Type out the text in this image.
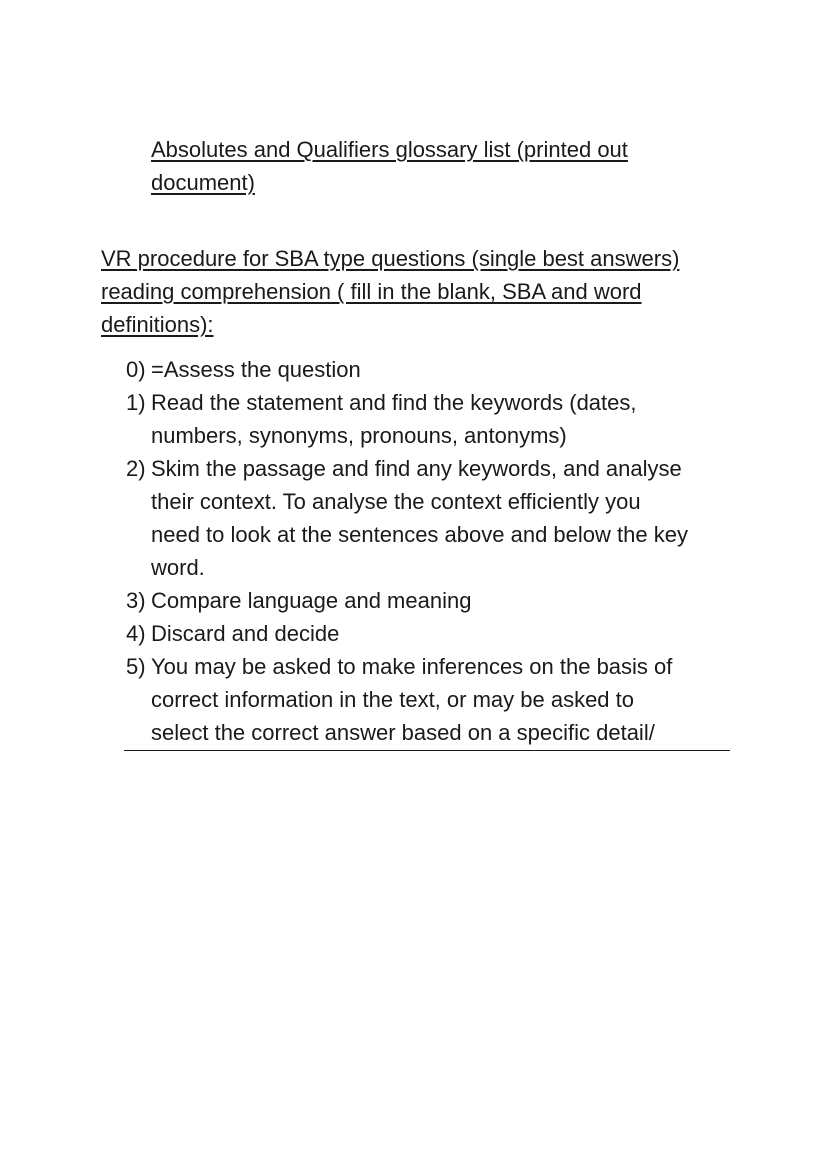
Absolutes and Qualifiers glossary list (printed out
document)
VR procedure for SBA type questions (single best answers)
reading comprehension ( fill in the blank, SBA and word
definitions):
0) =Assess the question
1) Read the statement and find the keywords (dates,
numbers, synonyms, pronouns, antonyms)
2) Skim the passage and find any keywords, and analyse
their context. To analyse the context efficiently you
need to look at the sentences above and below the key
word.
3) Compare language and meaning
4) Discard and decide
5) You may be asked to make inferences on the basis of
correct information in the text, or may be asked to
select the correct answer based on a specific detail/
